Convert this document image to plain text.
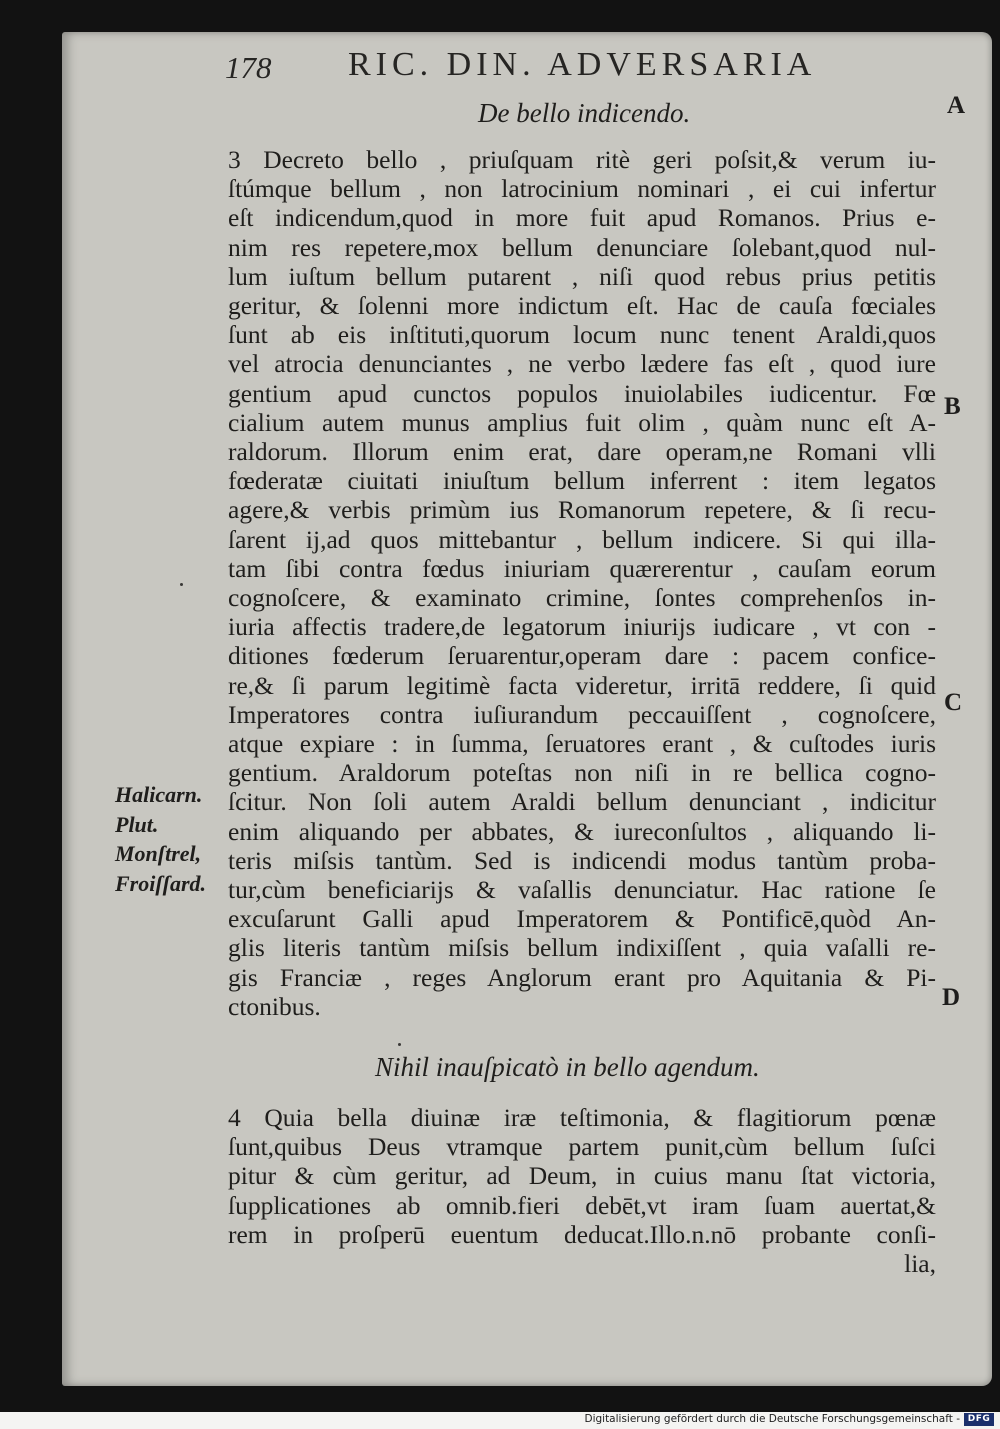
178 RIC. DIN. ADVERSARIA
A
B
C
D
De bello indicendo.
3 Decreto bello , priuſquam ritè geri poſsit,& verum iu-
ſtúmque bellum , non latrocinium nominari , ei cui infertur
eſt indicendum,quod in more fuit apud Romanos. Prius e-
nim res repetere,mox bellum denunciare ſolebant,quod nul-
lum iuſtum bellum putarent , niſi quod rebus prius petitis
geritur, & ſolenni more indictum eſt. Hac de cauſa fœciales
ſunt ab eis inſtituti,quorum locum nunc tenent Araldi,quos
vel atrocia denunciantes , ne verbo lædere fas eſt , quod iure
gentium apud cunctos populos inuiolabiles iudicentur. Fœ
cialium autem munus amplius fuit olim , quàm nunc eſt A-
raldorum. Illorum enim erat, dare operam,ne Romani vlli
fœderatæ ciuitati iniuſtum bellum inferrent : item legatos
agere,& verbis primùm ius Romanorum repetere, & ſi recu-
ſarent ij,ad quos mittebantur , bellum indicere. Si qui illa-
tam ſibi contra fœdus iniuriam quærerentur , cauſam eorum
cognoſcere, & examinato crimine, ſontes comprehenſos in-
iuria affectis tradere,de legatorum iniurijs iudicare , vt con -
ditiones fœderum ſeruarentur,operam dare : pacem confice-
re,& ſi parum legitimè facta videretur, irritā reddere, ſi quid
Imperatores contra iuſiurandum peccauiſſent , cognoſcere,
atque expiare : in ſumma, ſeruatores erant , & cuſtodes iuris
gentium. Araldorum poteſtas non niſi in re bellica cogno-
ſcitur. Non ſoli autem Araldi bellum denunciant , indicitur
enim aliquando per abbates, & iureconſultos , aliquando li-
teris miſsis tantùm. Sed is indicendi modus tantùm proba-
tur,cùm beneficiarijs & vaſallis denunciatur. Hac ratione ſe
excuſarunt Galli apud Imperatorem & Pontificē,quòd An-
glis literis tantùm miſsis bellum indixiſſent , quia vaſalli re-
gis Franciæ , reges Anglorum erant pro Aquitania & Pi-
ctonibus.
Halicarn.
Plut.
Monſtrel,
Froiſſard.
Nihil inauſpicatò in bello agendum.
4 Quia bella diuinæ iræ teſtimonia, & flagitiorum pœnæ
ſunt,quibus Deus vtramque partem punit,cùm bellum ſuſci
pitur & cùm geritur, ad Deum, in cuius manu ſtat victoria,
ſupplicationes ab omnib.fieri debēt,vt iram ſuam auertat,&
rem in proſperū euentum deducat.Illo.n.nō probante conſi-
lia,
Digitalisierung gefördert durch die Deutsche Forschungsgemeinschaft - DFG
